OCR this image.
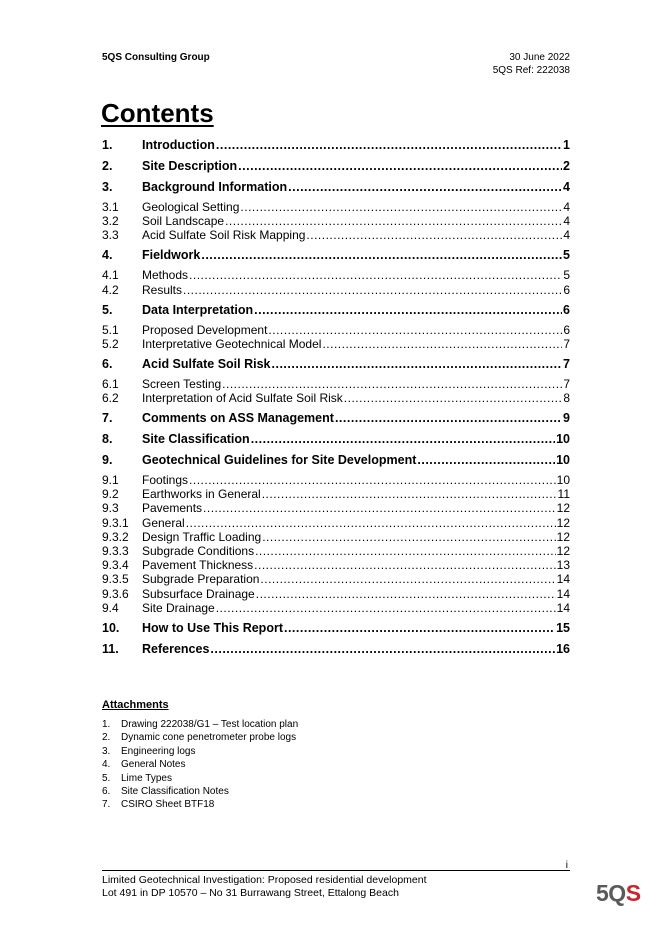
5QS Consulting Group	30 June 2022
5QS Ref: 222038
Contents
1.	Introduction .....	1
2.	Site Description .....	2
3.	Background Information .....	4
3.1	Geological Setting .....	4
3.2	Soil Landscape .....	4
3.3	Acid Sulfate Soil Risk Mapping .....	4
4.	Fieldwork .....	5
4.1	Methods .....	5
4.2	Results .....	6
5.	Data Interpretation .....	6
5.1	Proposed Development .....	6
5.2	Interpretative Geotechnical Model .....	7
6.	Acid Sulfate Soil Risk .....	7
6.1	Screen Testing .....	7
6.2	Interpretation of Acid Sulfate Soil Risk .....	8
7.	Comments on ASS Management .....	9
8.	Site Classification .....	10
9.	Geotechnical Guidelines for Site Development .....	10
9.1	Footings .....	10
9.2	Earthworks in General .....	11
9.3	Pavements .....	12
9.3.1	General .....	12
9.3.2	Design Traffic Loading .....	12
9.3.3	Subgrade Conditions .....	12
9.3.4	Pavement Thickness .....	13
9.3.5	Subgrade Preparation .....	14
9.3.6	Subsurface Drainage .....	14
9.4	Site Drainage .....	14
10.	How to Use This Report .....	15
11.	References .....	16
Attachments
1.	Drawing 222038/G1 – Test location plan
2.	Dynamic cone penetrometer probe logs
3.	Engineering logs
4.	General Notes
5.	Lime Types
6.	Site Classification Notes
7.	CSIRO Sheet BTF18
i
Limited Geotechnical Investigation: Proposed residential development
Lot 491 in DP 10570 – No 31 Burrawang Street, Ettalong Beach	5QS
